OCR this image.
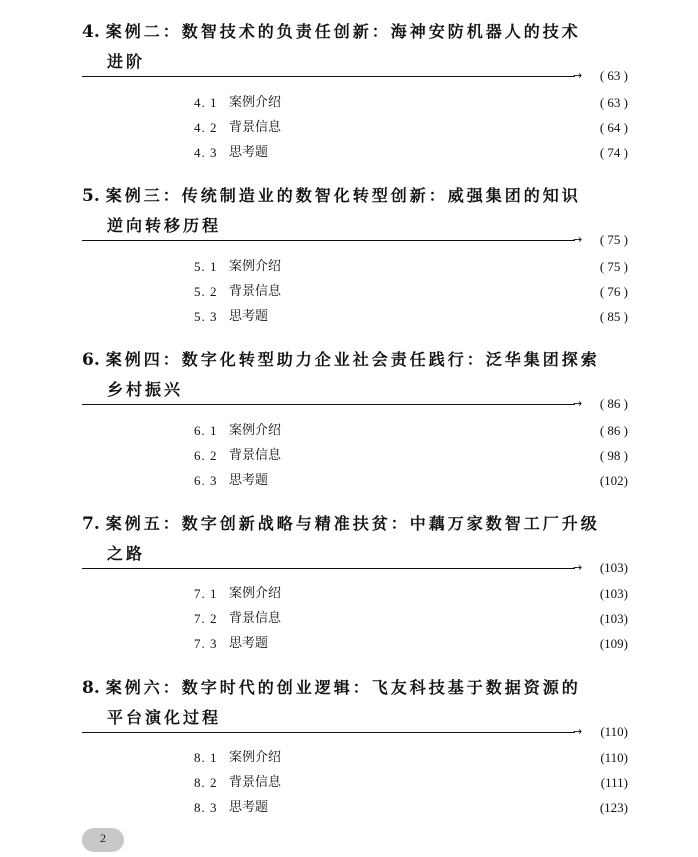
4. 案例二：数智技术的负责任创新：海神安防机器人的技术
进阶
→	( 63 )
4. 1 案例介绍	( 63 )
4. 2 背景信息	( 64 )
4. 3 思考题	( 74 )
5. 案例三：传统制造业的数智化转型创新：威强集团的知识
逆向转移历程
→	( 75 )
5. 1 案例介绍	( 75 )
5. 2 背景信息	( 76 )
5. 3 思考题	( 85 )
6. 案例四：数字化转型助力企业社会责任践行：泛华集团探索
乡村振兴
→	( 86 )
6. 1 案例介绍	( 86 )
6. 2 背景信息	( 98 )
6. 3 思考题	(102)
7. 案例五：数字创新战略与精准扶贫：中藕万家数智工厂升级
之路
→	(103)
7. 1 案例介绍	(103)
7. 2 背景信息	(103)
7. 3 思考题	(109)
8. 案例六：数字时代的创业逻辑：飞友科技基于数据资源的
平台演化过程
→	(110)
8. 1 案例介绍	(110)
8. 2 背景信息	(111)
8. 3 思考题	(123)
2
